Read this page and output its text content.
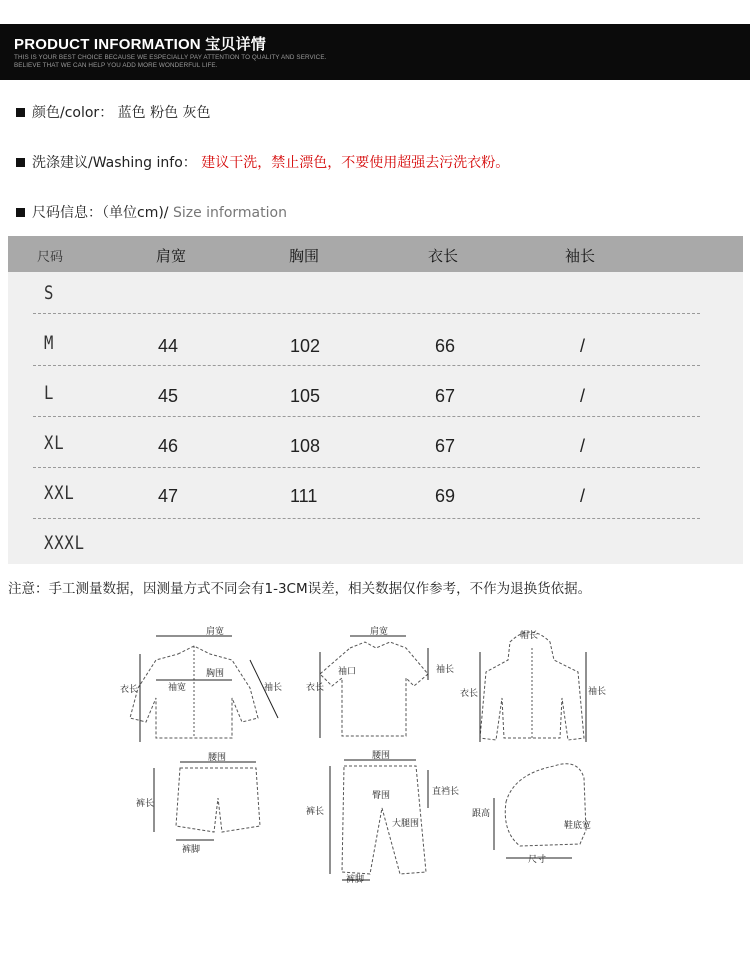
PRODUCT INFORMATION 宝贝详情
THIS IS YOUR BEST CHOICE BECAUSE WE ESPECIALLY PAY ATTENTION TO QUALITY AND SERVICE.
BELIEVE THAT WE CAN HELP YOU ADD MORE WONDERFUL LIFE.
颜色/color： 蓝色 粉色 灰色
洗涤建议/Washing info： 建议干洗，禁止漂色，不要使用超强去污洗衣粉。
尺码信息：（单位cm)/ Size information
尺码	肩宽	胸围	衣长	袖长
S
M	44	102	66	/
L	45	105	67	/
XL	46	108	67	/
XXL	47	111	69	/
XXXL
注意：手工测量数据，因测量方式不同会有1-3CM误差，相关数据仅作参考，不作为退换货依据。
肩宽
胸围
衣长	袖宽	袖长
肩宽
袖口
衣长
袖长
帽长
衣长	袖长
腰围
裤长
裤脚
腰围
臀围	直裆长
裤长
大腿围
裤脚
跟高
鞋底宽
尺寸
